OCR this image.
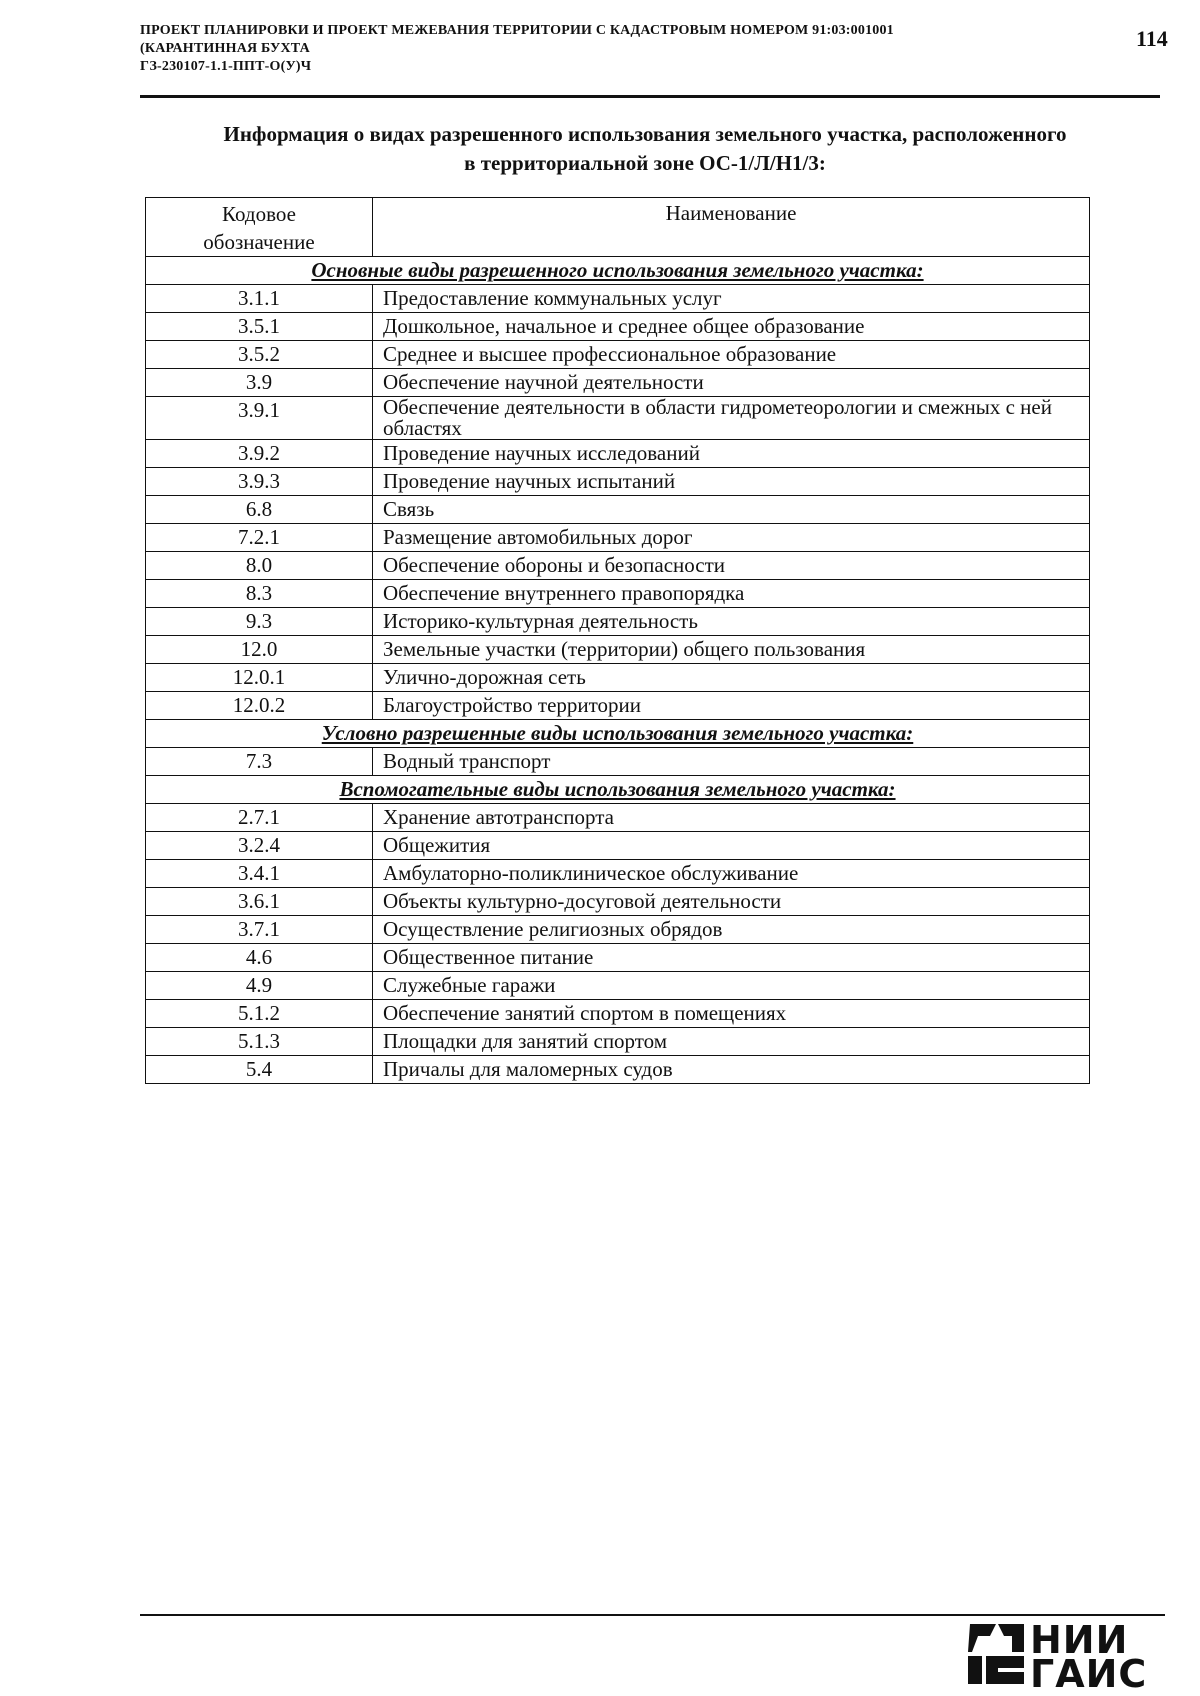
ПРОЕКТ ПЛАНИРОВКИ И ПРОЕКТ МЕЖЕВАНИЯ ТЕРРИТОРИИ С КАДАСТРОВЫМ НОМЕРОМ 91:03:001001
(КАРАНТИННАЯ БУХТА
ГЗ-230107-1.1-ППТ-О(У)Ч
114
Информация о видах разрешенного использования земельного участка, расположенного
в территориальной зоне ОС-1/Л/Н1/3:
Кодовое
обозначение	Наименование
Основные виды разрешенного использования земельного участка:	
3.1.1	Предоставление коммунальных услуг
3.5.1	Дошкольное, начальное и среднее общее образование
3.5.2	Среднее и высшее профессиональное образование
3.9	Обеспечение научной деятельности
3.9.1	Обеспечение деятельности в области гидрометеорологии и смежных с ней областях
3.9.2	Проведение научных исследований
3.9.3	Проведение научных испытаний
6.8	Связь
7.2.1	Размещение автомобильных дорог
8.0	Обеспечение обороны и безопасности
8.3	Обеспечение внутреннего правопорядка
9.3	Историко-культурная деятельность
12.0	Земельные участки (территории) общего пользования
12.0.1	Улично-дорожная сеть
12.0.2	Благоустройство территории
Условно разрешенные виды использования земельного участка:	
7.3	Водный транспорт
Вспомогательные виды использования земельного участка:	
2.7.1	Хранение автотранспорта
3.2.4	Общежития
3.4.1	Амбулаторно-поликлиническое обслуживание
3.6.1	Объекты культурно-досуговой деятельности
3.7.1	Осуществление религиозных обрядов
4.6	Общественное питание
4.9	Служебные гаражи
5.1.2	Обеспечение занятий спортом в помещениях
5.1.3	Площадки для занятий спортом
5.4	Причалы для маломерных судов
НИИ
ГАИС
